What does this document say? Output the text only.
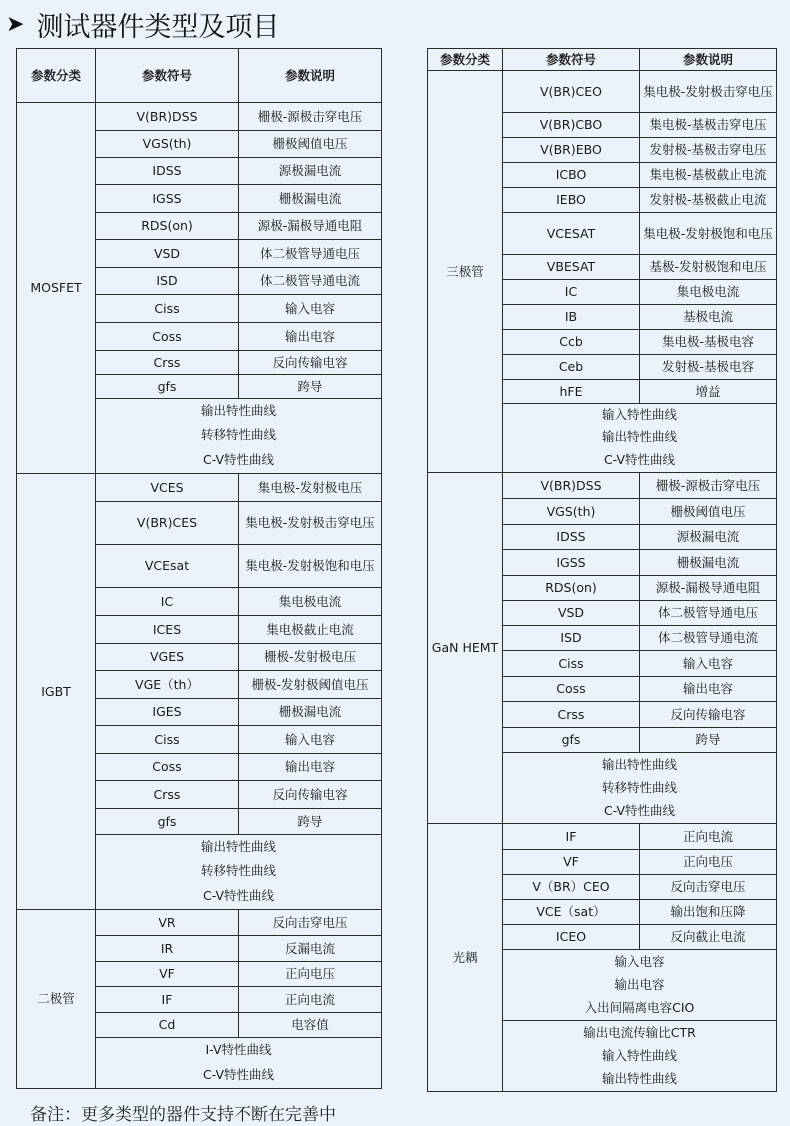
➤ 测试器件类型及项目
参数分类	参数符号	参数说明
MOSFET	V(BR)DSS	栅极-源极击穿电压
	VGS(th)	栅极阈值电压
	IDSS	源极漏电流
	IGSS	栅极漏电流
	RDS(on)	源极-漏极导通电阻
	VSD	体二极管导通电压
	ISD	体二极管导通电流
	Ciss	输入电容
	Coss	输出电容
	Crss	反向传输电容
	gfs	跨导

	输出特性曲线
转移特性曲线
C-V特性曲线	

IGBT	VCES	集电极-发射极电压
	V(BR)CES	集电极-发射极击穿电压
	VCEsat	集电极-发射极饱和电压
	IC	集电极电流
	ICES	集电极截止电流
	VGES	栅极-发射极电压
	VGE（th）	栅极-发射极阈值电压
	IGES	栅极漏电流
	Ciss	输入电容
	Coss	输出电容
	Crss	反向传输电容
	gfs	跨导

	输出特性曲线
转移特性曲线
C-V特性曲线	

二极管	VR	反向击穿电压
	IR	反漏电流
	VF	正向电压
	IF	正向电流
	Cd	电容值

	I-V特性曲线
C-V特性曲线	
参数分类	参数符号	参数说明
三极管	V(BR)CEO	集电极-发射极击穿电压
	V(BR)CBO	集电极-基极击穿电压
	V(BR)EBO	发射极-基极击穿电压
	ICBO	集电极-基极截止电流
	IEBO	发射极-基极截止电流
	VCESAT	集电极-发射极饱和电压
	VBESAT	基极-发射极饱和电压
	IC	集电极电流
	IB	基极电流
	Ccb	集电极-基极电容
	Ceb	发射极-基极电容
	hFE	增益

	输入特性曲线
输出特性曲线
C-V特性曲线	

GaN HEMT	V(BR)DSS	栅极-源极击穿电压
	VGS(th)	栅极阈值电压
	IDSS	源极漏电流
	IGSS	栅极漏电流
	RDS(on)	源极-漏极导通电阻
	VSD	体二极管导通电压
	ISD	体二极管导通电流
	Ciss	输入电容
	Coss	输出电容
	Crss	反向传输电容
	gfs	跨导

	输出特性曲线
转移特性曲线
C-V特性曲线	

光耦	IF	正向电流
	VF	正向电压
	V（BR）CEO	反向击穿电压
	VCE（sat）	输出饱和压降
	ICEO	反向截止电流

	输入电容
输出电容
入出间隔离电容CIO	

	输出电流传输比CTR
输入特性曲线
输出特性曲线	
备注：更多类型的器件支持不断在完善中
